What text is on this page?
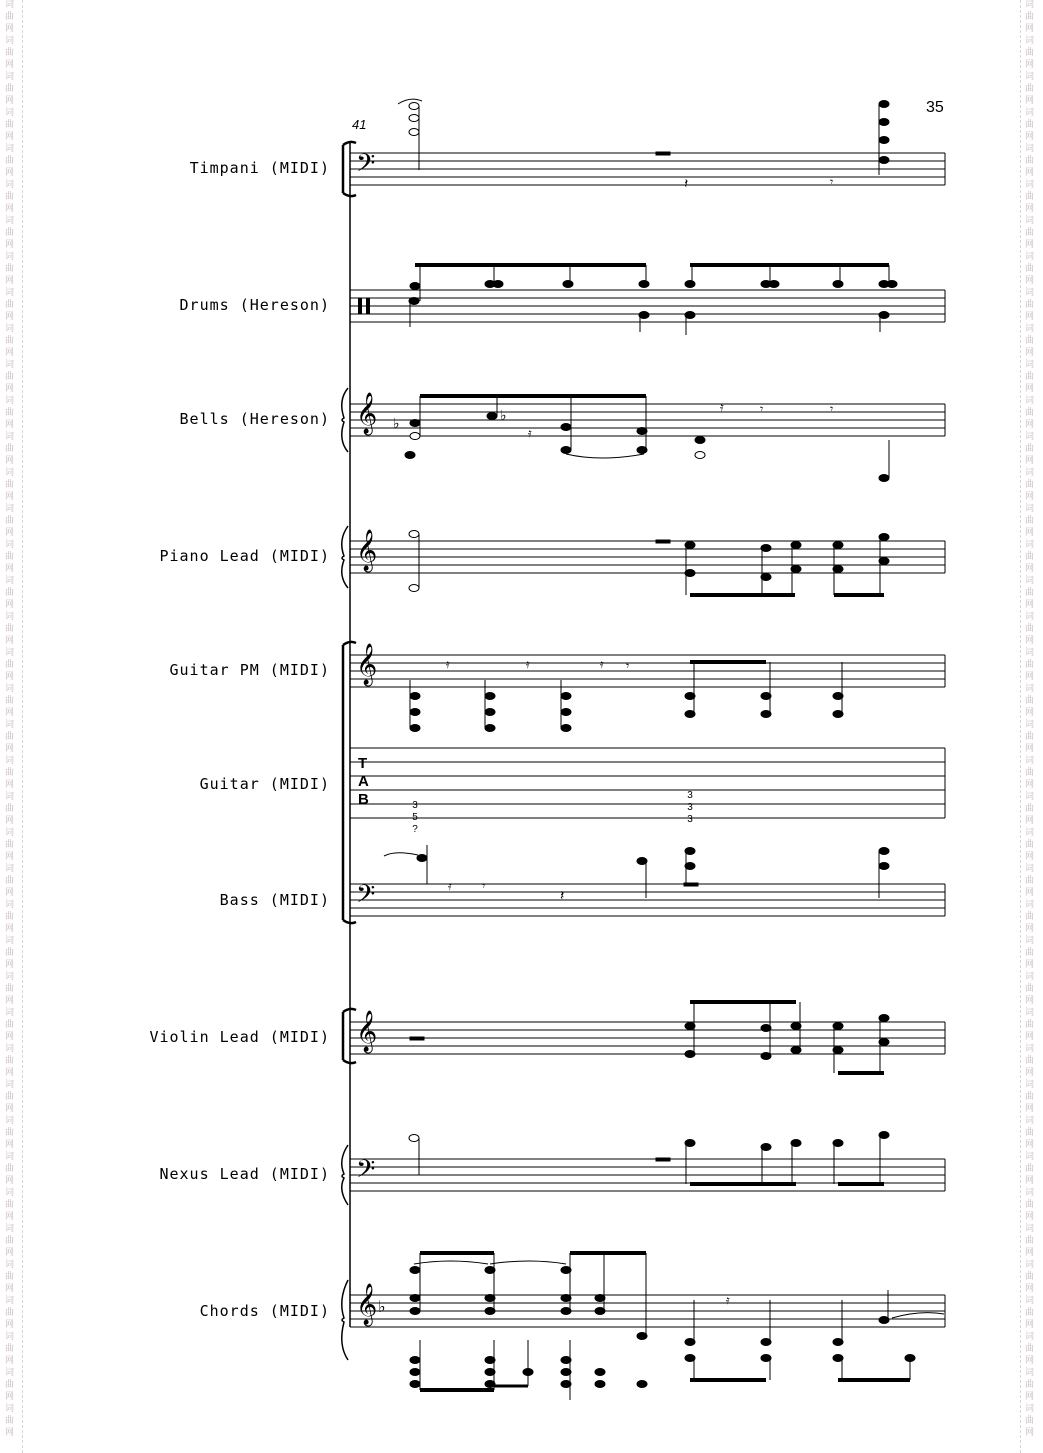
35
41
Timpani (MIDI)
Drums (Hereson)
Bells (Hereson)
Piano Lead (MIDI)
Guitar PM (MIDI)
Guitar (MIDI)
Bass (MIDI)
Violin Lead (MIDI)
Nexus Lead (MIDI)
Chords (MIDI)
𝄢
𝄞
𝄞
𝄞
𝄢
𝄞
𝄢
𝄞 ♭
T
A
B	3
5
?
3
3
3
𝄽	𝄾
♭	♭
𝄿
𝄿	𝄾	𝄾
𝄿	𝄿	𝄿 𝄾
𝄿	𝄾
𝄽
𝄿
词	词
曲	曲
网	网
词	词
曲	曲
网	网
词	词
曲	曲
网	网
词	词
曲	曲
网	网
词	词
曲	曲
网	网
词	词
曲	曲
网	网
词	词
曲	曲
网	网
词	词
曲	曲
网	网
词	词
曲	曲
网	网
词	词
曲	曲
网	网
词	词
曲	曲
网	网
词	词
曲	曲
网	网
词	词
曲	曲
网	网
词	词
曲	曲
网	网
词	词
曲	曲
网	网
词	词
曲	曲
网	网
词	词
曲	曲
网	网
词	词
曲	曲
网	网
词	词
曲	曲
网	网
词	词
曲	曲
网	网
词	词
曲	曲
网	网
词	词
曲	曲
网	网
词	词
曲	曲
网	网
词	词
曲	曲
网	网
词	词
曲	曲
网	网
词	词
曲	曲
网	网
词	词
曲	曲
网	网
词	词
曲	曲
网	网
词	词
曲	曲
网	网
词	词
曲	曲
网	网
词	词
曲	曲
网	网
词	词
曲	曲
网	网
词	词
曲	曲
网	网
词	词
曲	曲
网	网
词	词
曲	曲
网	网
词	词
曲	曲
网	网
词	词
曲	曲
网	网
词	词
曲	曲
网	网
词	词
曲	曲
网	网
词	词
曲	曲
网	网
